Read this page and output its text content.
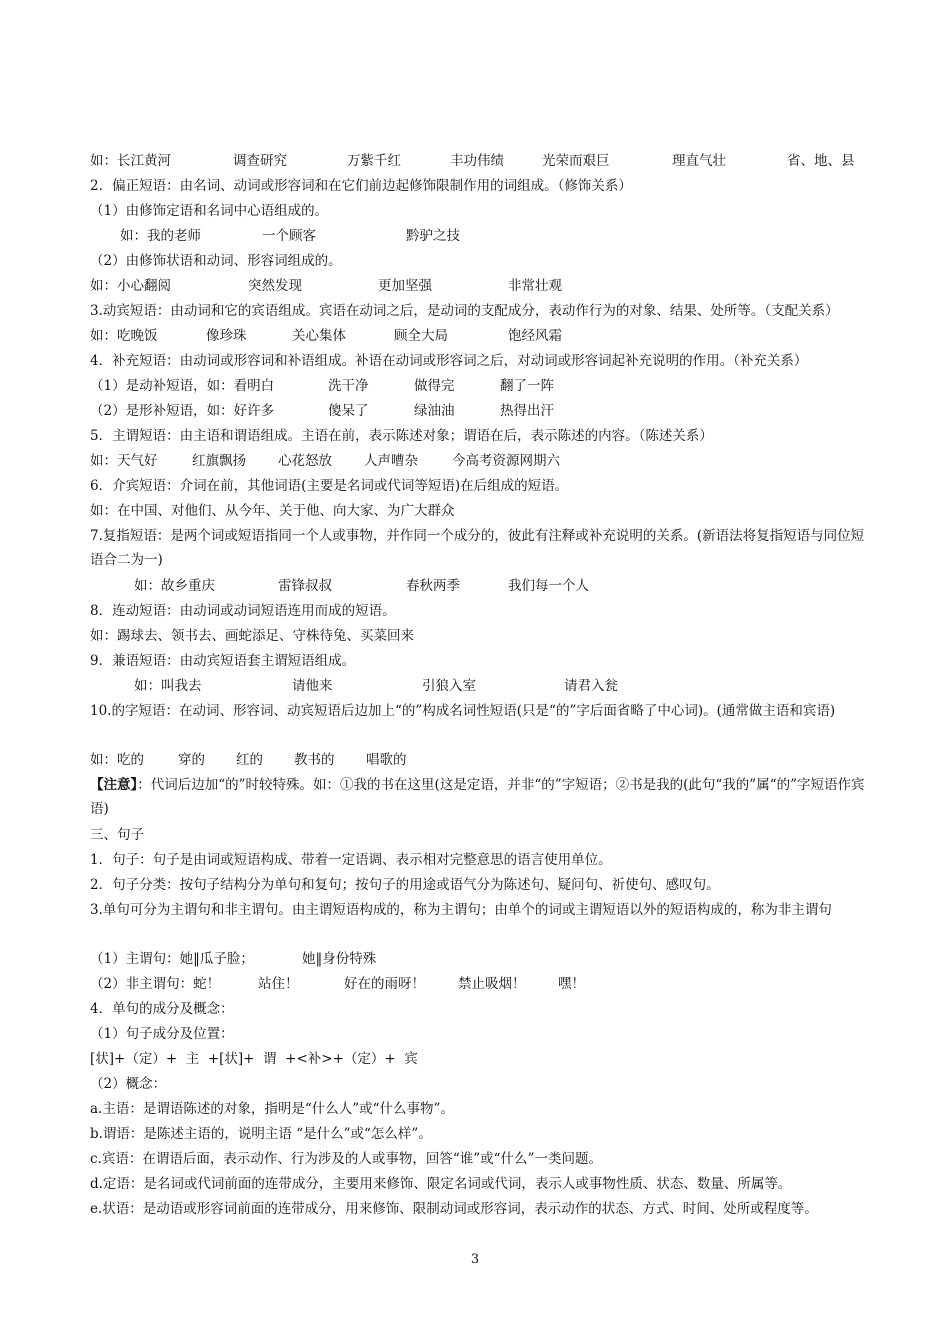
如：长江黄河	调查研究	万紫千红	丰功伟绩	光荣而艰巨	理直气壮	省、地、县
2．偏正短语：由名词、动词或形容词和在它们前边起修饰限制作用的词组成。（修饰关系）
（1）由修饰定语和名词中心语组成的。
如：我的老师	一个顾客	黔驴之技
（2）由修饰状语和动词、形容词组成的。
如：小心翻阅	突然发现	更加坚强	非常壮观
3.动宾短语：由动词和它的宾语组成。宾语在动词之后，是动词的支配成分，表动作行为的对象、结果、处所等。（支配关系）
如：吃晚饭	像珍珠	关心集体	顾全大局	饱经风霜
4．补充短语：由动词或形容词和补语组成。补语在动词或形容词之后，对动词或形容词起补充说明的作用。（补充关系）
（1）是动补短语，如：看明白	洗干净	做得完	翻了一阵
（2）是形补短语，如：好许多	傻呆了	绿油油	热得出汗
5．主谓短语：由主语和谓语组成。主语在前，表示陈述对象；谓语在后，表示陈述的内容。（陈述关系）
如：天气好	红旗飘扬 心花怒放 人声嘈杂	今高考资源网期六
6．介宾短语：介词在前，其他词语(主要是名词或代词等短语)在后组成的短语。
如：在中国、对他们、从今年、关于他、向大家、为广大群众
7.复指短语：是两个词或短语指同一个人或事物，并作同一个成分的，彼此有注释或补充说明的关系。(新语法将复指短语与同位短语合二为一)
如：故乡重庆	雷锋叔叔	春秋两季	我们每一个人
8．连动短语：由动词或动词短语连用而成的短语。
如：踢球去、领书去、画蛇添足、守株待兔、买菜回来
9．兼语短语：由动宾短语套主谓短语组成。
如：叫我去	请他来	引狼入室	请君入瓮
10.的字短语：在动词、形容词、动宾短语后边加上“的”构成名词性短语(只是“的”字后面省略了中心词)。(通常做主语和宾语)
如：吃的	穿的 红的 教书的 唱歌的
【注意】：代词后边加“的”时较特殊。如：①我的书在这里(这是定语，并非“的”字短语；②书是我的(此句“我的”属“的”字短语作宾语)
三、句子
1．句子：句子是由词或短语构成、带着一定语调、表示相对完整意思的语言使用单位。
2．句子分类：按句子结构分为单句和复句；按句子的用途或语气分为陈述句、疑问句、祈使句、感叹句。
3.单句可分为主谓句和非主谓句。由主谓短语构成的，称为主谓句；由单个的词或主谓短语以外的短语构成的，称为非主谓句
（1）主谓句：她‖瓜子脸；	她‖身份特殊
（2）非主谓句：蛇！	站住！	好在的雨呀！ 禁止吸烟！ 嘿！
4．单句的成分及概念：
（1）句子成分及位置：
[状]+（定）+  主  +[状]+  谓  +<补>+（定）+  宾
（2）概念：
a.主语：是谓语陈述的对象，指明是“什么人”或“什么事物”。
b.谓语：是陈述主语的，说明主语 “是什么”或“怎么样”。
c.宾语：在谓语后面，表示动作、行为涉及的人或事物，回答“谁”或“什么”一类问题。
d.定语：是名词或代词前面的连带成分，主要用来修饰、限定名词或代词，表示人或事物性质、状态、数量、所属等。
e.状语：是动语或形容词前面的连带成分，用来修饰、限制动词或形容词，表示动作的状态、方式、时间、处所或程度等。
3
